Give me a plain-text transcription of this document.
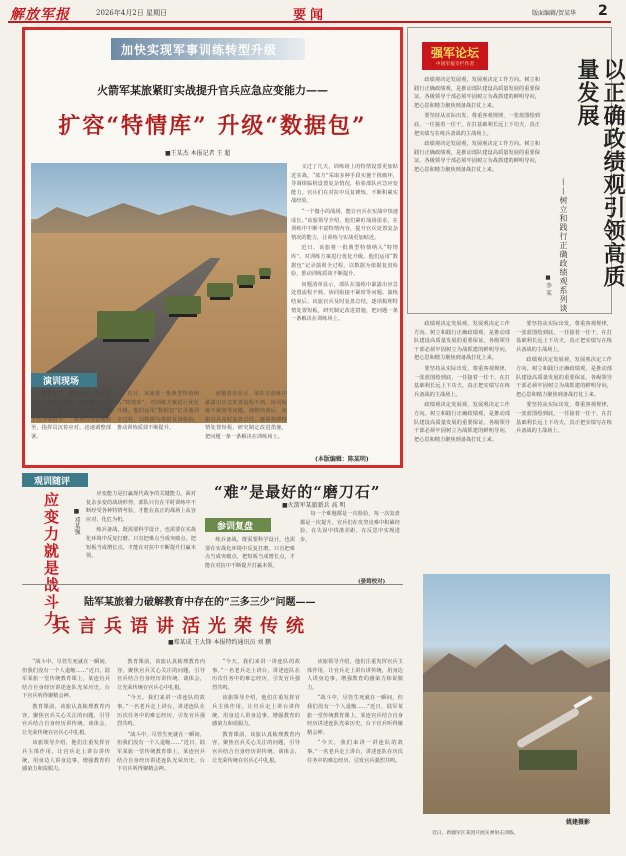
解放军报	2026年4月2日 星期日	要闻	版面编辑/贺某华 2
加快实现军事训练转型升级
火箭军某旅紧盯实战提升官兵应急应变能力——
扩容“特情库” 升级“数据包”
■王某杰 本报记者 王 超

又过了几天，训练场上的特情设置更加贴近实战。“蓝方”采取多种手段实施干扰破坏，导调组临机设置复杂情况，检验部队应急应变能力。官兵们在对抗中反复锤炼，不断积累实战经验。

“一个微小的战场，能让官兵在实战中快速成长。”该旅领导介绍，他们紧盯战场需求，在训练中不断丰富特情内容，提升官兵处置复杂情况的能力，让训练与实战更加贴近。

近日，该旅将一批典型特情纳入“特情库”，对训练方案进行优化升级。他们运用“数据包”记录演训全过程，以数据为依据复盘检验，推动训练质效不断提升。

问题清单显示，部队在演练中暴露出应急处置流程不熟、协同衔接不紧密等问题。演练结束后，该旅官兵及时复盘总结，逐项梳理特情处置短板，研究制定改进措施，把问题一条一条解决在训练场上。

演训现场

初春时节，西北戈壁，数九寒风中，火箭军某旅一场红蓝对抗实兵演练正在激烈进行。导调组突然下达导调指令，一系列特情接踵而至，指挥员沉着应对，迅速调整部署。

近日，该旅将一批典型特情纳入“特情库”，对训练方案进行优化升级。他们运用“数据包”记录演训全过程，以数据为依据复盘检验，推动训练质效不断提升。

问题清单显示，部队在演练中暴露出应急处置流程不熟、协同衔接不紧密等问题。演练结束后，该旅官兵及时复盘总结，逐项梳理特情处置短板，研究制定改进措施，把问题一条一条解决在训练场上。

(本版编辑：陈某明)
观训随评
应变力就是战斗力	■ 邓某强

应变能力是打赢现代战争的关键能力。面对复杂多变的战场形势，部队只有在平时训练中不断经受各种特情考验，才能在真正的战场上从容应对、化危为机。

练兵备战，既需要科学设计，也需要在实战化环境中反复打磨。只有把难点当成突破点，把短板当成增长点，才能在对抗中不断提升打赢本领。

“难”是最好的“磨刀石”
■火箭军某旅新兵 高 明
参训复盘

练兵备战，既需要科学设计，也需要在实战化环境中反复打磨。只有把难点当成突破点，把短板当成增长点，才能在对抗中不断提升打赢本领。

每一个难题都是一次检验，每一次复盘都是一次提升。官兵们在攻坚克难中积累经验，在失误中找准差距，在反思中实现进步。

(晏筠校对)
陆军某旅着力破解教育中存在的“三多三少”问题——
兵言兵语讲活光荣传统
■郑某成 王大锋 本报特约通讯员 刘 鹏

“战斗中，尽管生死就在一瞬间，但我们没有一个人退缩……”近日，陆军某旅一堂传统教育课上，某连官兵结合自身经历讲述连队光荣历史，台下官兵听得聚精会神。

教育课前，该旅认真梳理教育内容，聚焦官兵关心关注的问题，引导官兵结合自身经历讲传统、谈体会，让光荣传统在官兵心中扎根。

该旅领导介绍，他们注重发挥官兵主体作用，让官兵走上讲台讲传统，用身边人讲身边事，增强教育的感染力和说服力。

教育课前，该旅认真梳理教育内容，聚焦官兵关心关注的问题，引导官兵结合自身经历讲传统、谈体会，让光荣传统在官兵心中扎根。

“今天，我们来讲一讲连队的故事。”一名老兵走上讲台，讲述连队在历次任务中的难忘经历，引发官兵强烈共鸣。

“战斗中，尽管生死就在一瞬间，但我们没有一个人退缩……”近日，陆军某旅一堂传统教育课上，某连官兵结合自身经历讲述连队光荣历史，台下官兵听得聚精会神。

“今天，我们来讲一讲连队的故事。”一名老兵走上讲台，讲述连队在历次任务中的难忘经历，引发官兵强烈共鸣。

该旅领导介绍，他们注重发挥官兵主体作用，让官兵走上讲台讲传统，用身边人讲身边事，增强教育的感染力和说服力。

教育课前，该旅认真梳理教育内容，聚焦官兵关心关注的问题，引导官兵结合自身经历讲传统、谈体会，让光荣传统在官兵心中扎根。

该旅领导介绍，他们注重发挥官兵主体作用，让官兵走上讲台讲传统，用身边人讲身边事，增强教育的感染力和说服力。

“战斗中，尽管生死就在一瞬间，但我们没有一个人退缩……”近日，陆军某旅一堂传统教育课上，某连官兵结合自身经历讲述连队光荣历史，台下官兵听得聚精会神。

“今天，我们来讲一讲连队的故事。”一名老兵走上讲台，讲述连队在历次任务中的难忘经历，引发官兵强烈共鸣。

强军论坛
中国军报专栏作者	以正确政绩观引领高质量发展
——树立和践行正确政绩观系列谈
■ 李 某

政绩观决定发展观，发展观决定工作方向。树立和践行正确政绩观，是推动部队建设高质量发展的重要保证。各级领导干部必须牢固树立为战抓建的鲜明导向，把心思和精力聚焦到备战打仗上来。

要坚持从实际出发，尊重客观规律，一张蓝图绘到底，一任接着一任干，在打基础利长远上下功夫，真正把实绩写在练兵备战的主战场上。

政绩观决定发展观，发展观决定工作方向。树立和践行正确政绩观，是推动部队建设高质量发展的重要保证。各级领导干部必须牢固树立为战抓建的鲜明导向，把心思和精力聚焦到备战打仗上来。

政绩观决定发展观，发展观决定工作方向。树立和践行正确政绩观，是推动部队建设高质量发展的重要保证。各级领导干部必须牢固树立为战抓建的鲜明导向，把心思和精力聚焦到备战打仗上来。

要坚持从实际出发，尊重客观规律，一张蓝图绘到底，一任接着一任干，在打基础利长远上下功夫，真正把实绩写在练兵备战的主战场上。

政绩观决定发展观，发展观决定工作方向。树立和践行正确政绩观，是推动部队建设高质量发展的重要保证。各级领导干部必须牢固树立为战抓建的鲜明导向，把心思和精力聚焦到备战打仗上来。

要坚持从实际出发，尊重客观规律，一张蓝图绘到底，一任接着一任干，在打基础利长远上下功夫，真正把实绩写在练兵备战的主战场上。

政绩观决定发展观，发展观决定工作方向。树立和践行正确政绩观，是推动部队建设高质量发展的重要保证。各级领导干部必须牢固树立为战抓建的鲜明导向，把心思和精力聚焦到备战打仗上来。

要坚持从实际出发，尊重客观规律，一张蓝图绘到底，一任接着一任干，在打基础利长远上下功夫，真正把实绩写在练兵备战的主战场上。

姚建摄影
近日，新疆军区某团开展实弹射击训练。
